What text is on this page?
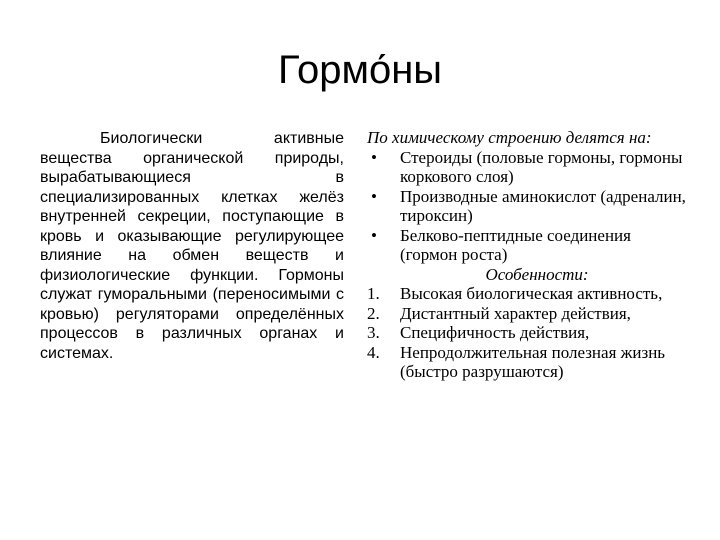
Гормо́ны
Биологически активные вещества органической природы, вырабатывающиеся в специализированных клетках желёз внутренней секреции, поступающие в кровь и оказывающие регулирующее влияние на обмен веществ и физиологические функции. Гормоны служат гуморальными (переносимыми с кровью) регуляторами определённых процессов в различных органах и системах.

По химическому строению делятся на:

• Стероиды (половые гормоны, гормоны коркового слоя)
• Производные аминокислот (адреналин, тироксин)
• Белково-пептидные соединения (гормон роста)

Особенности:

1. Высокая биологическая активность,
2. Дистантный характер действия,
3. Специфичность действия,
4. Непродолжительная полезная жизнь (быстро разрушаются)
